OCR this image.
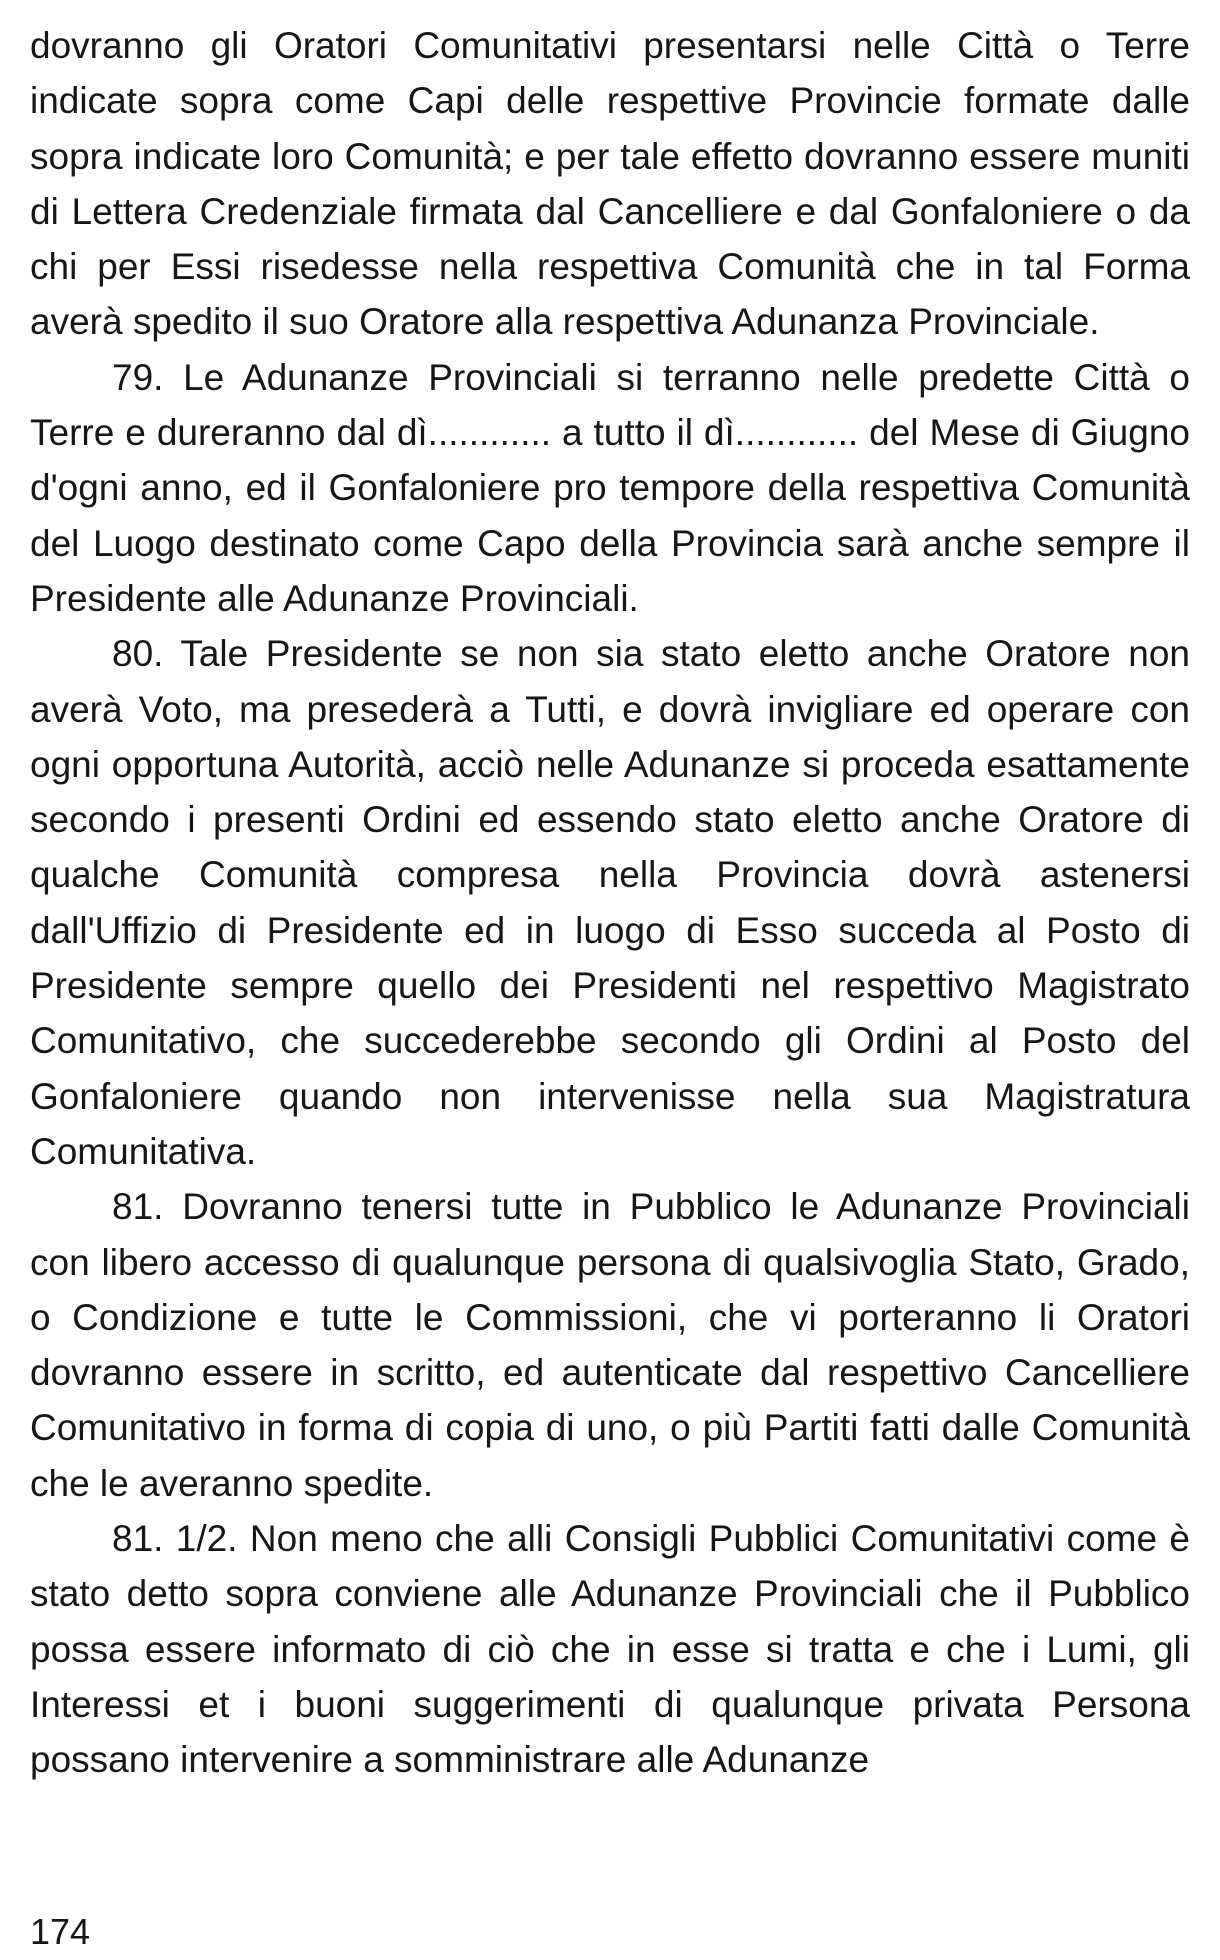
dovranno gli Oratori Comunitativi presentarsi nelle Città o Terre indicate sopra come Capi delle respettive Provincie formate dalle sopra indicate loro Comunità; e per tale effetto dovranno essere muniti di Lettera Credenziale firmata dal Cancelliere e dal Gonfaloniere o da chi per Essi risedesse nella respettiva Comunità che in tal Forma averà spedito il suo Oratore alla respettiva Adunanza Provinciale.

79. Le Adunanze Provinciali si terranno nelle predette Città o Terre e dureranno dal dì............ a tutto il dì............ del Mese di Giugno d'ogni anno, ed il Gonfaloniere pro tempore della respettiva Comunità del Luogo destinato come Capo della Provincia sarà anche sempre il Presidente alle Adunanze Provinciali.

80. Tale Presidente se non sia stato eletto anche Oratore non averà Voto, ma presederà a Tutti, e dovrà invigliare ed operare con ogni opportuna Autorità, acciò nelle Adunanze si proceda esattamente secondo i presenti Ordini ed essendo stato eletto anche Oratore di qualche Comunità compresa nella Provincia dovrà astenersi dall'Uffizio di Presidente ed in luogo di Esso succeda al Posto di Presidente sempre quello dei Presidenti nel respettivo Magistrato Comunitativo, che succederebbe secondo gli Ordini al Posto del Gonfaloniere quando non intervenisse nella sua Magistratura Comunitativa.

81. Dovranno tenersi tutte in Pubblico le Adunanze Provinciali con libero accesso di qualunque persona di qualsivoglia Stato, Grado, o Condizione e tutte le Commissioni, che vi porteranno li Oratori dovranno essere in scritto, ed autenticate dal respettivo Cancelliere Comunitativo in forma di copia di uno, o più Partiti fatti dalle Comunità che le averanno spedite.

81. 1/2. Non meno che alli Consigli Pubblici Comunitativi come è stato detto sopra conviene alle Adunanze Provinciali che il Pubblico possa essere informato di ciò che in esse si tratta e che i Lumi, gli Interessi et i buoni suggerimenti di qualunque privata Persona possano intervenire a somministrare alle Adunanze

174
